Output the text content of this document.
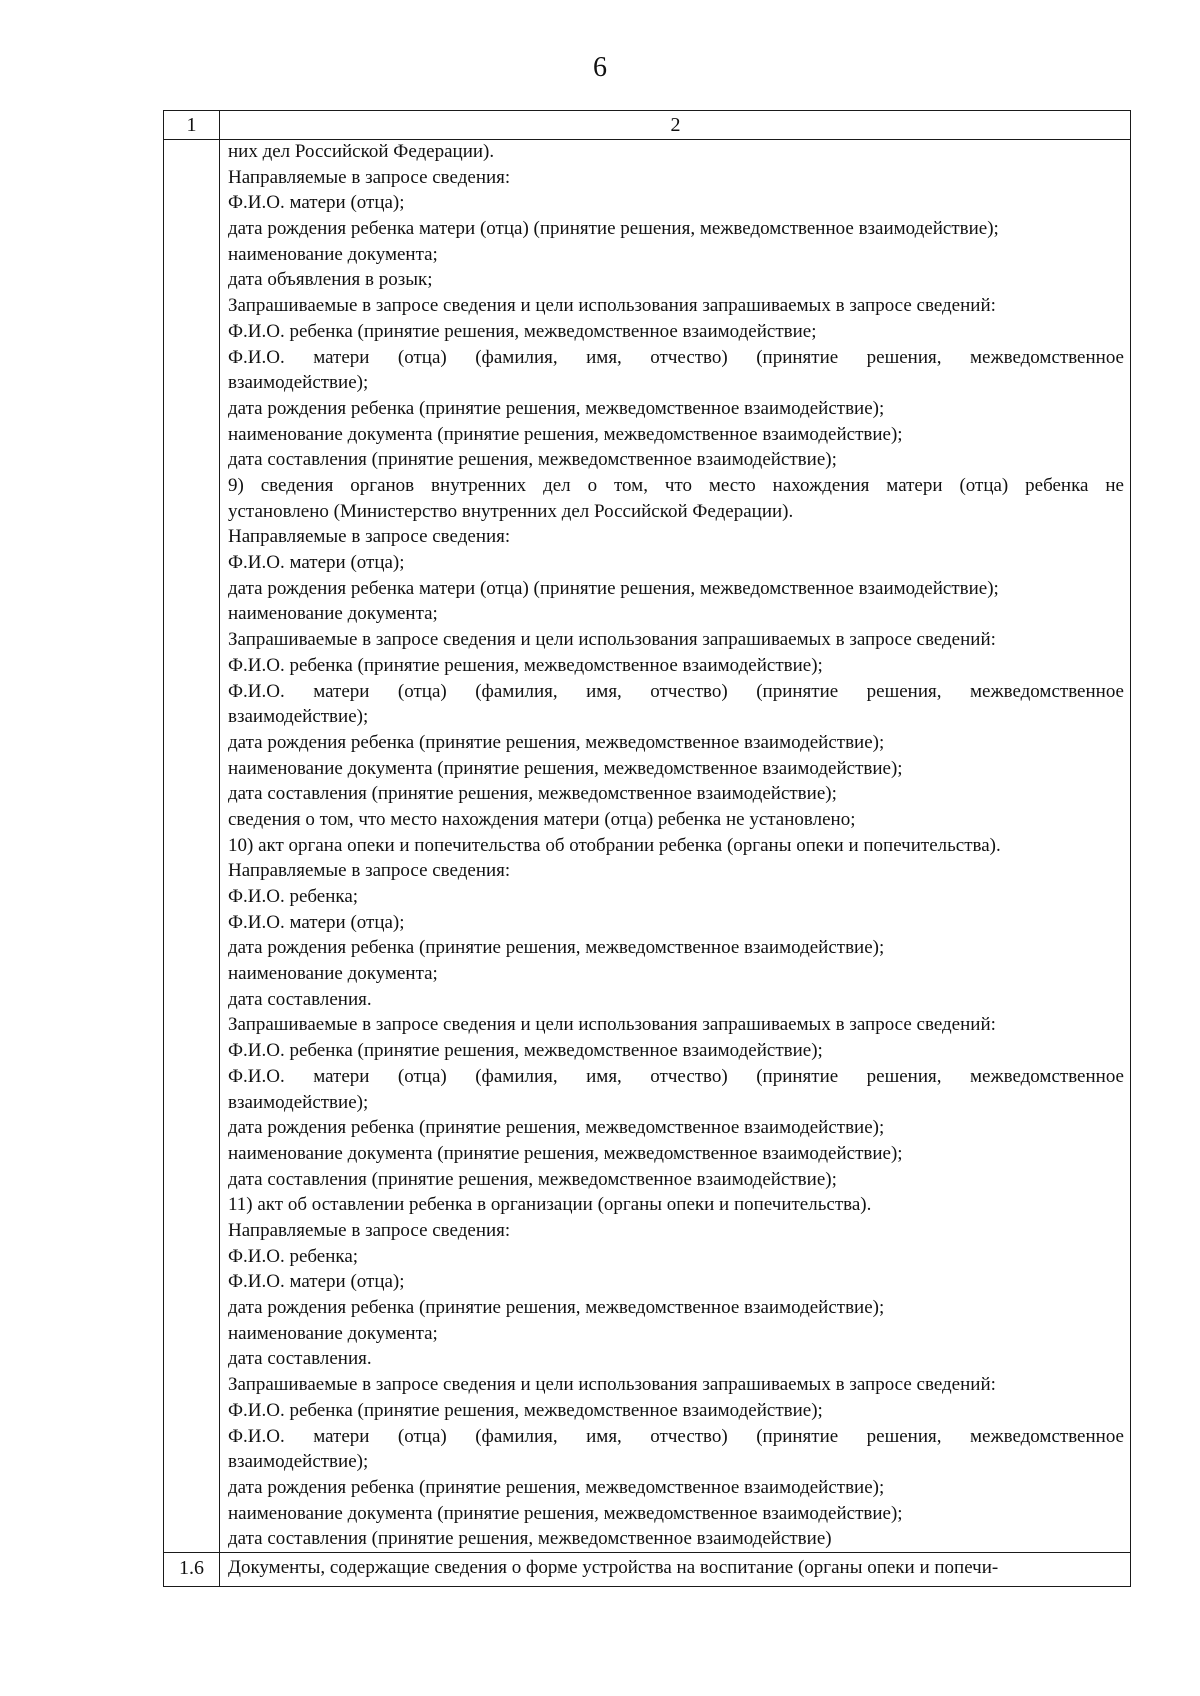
6
1	2
них дел Российской Федерации).
Направляемые в запросе сведения:
Ф.И.О. матери (отца);
дата рождения ребенка матери (отца) (принятие решения, межведомственное взаимодействие);
наименование документа;
дата объявления в розык;
Запрашиваемые в запросе сведения и цели использования запрашиваемых в запросе сведений:
Ф.И.О. ребенка (принятие решения, межведомственное взаимодействие;
Ф.И.О. матери (отца) (фамилия, имя, отчество) (принятие решения, межведомственное
взаимодействие);
дата рождения ребенка (принятие решения, межведомственное взаимодействие);
наименование документа (принятие решения, межведомственное взаимодействие);
дата составления (принятие решения, межведомственное взаимодействие);
9) сведения органов внутренних дел о том, что место нахождения матери (отца) ребенка не
установлено (Министерство внутренних дел Российской Федерации).
Направляемые в запросе сведения:
Ф.И.О. матери (отца);
дата рождения ребенка матери (отца) (принятие решения, межведомственное взаимодействие);
наименование документа;
Запрашиваемые в запросе сведения и цели использования запрашиваемых в запросе сведений:
Ф.И.О. ребенка (принятие решения, межведомственное взаимодействие);
Ф.И.О. матери (отца) (фамилия, имя, отчество) (принятие решения, межведомственное
взаимодействие);
дата рождения ребенка (принятие решения, межведомственное взаимодействие);
наименование документа (принятие решения, межведомственное взаимодействие);
дата составления (принятие решения, межведомственное взаимодействие);
сведения о том, что место нахождения матери (отца) ребенка не установлено;
10) акт органа опеки и попечительства об отобрании ребенка (органы опеки и попечительства).
Направляемые в запросе сведения:
Ф.И.О. ребенка;
Ф.И.О. матери (отца);
дата рождения ребенка (принятие решения, межведомственное взаимодействие);
наименование документа;
дата составления.
Запрашиваемые в запросе сведения и цели использования запрашиваемых в запросе сведений:
Ф.И.О. ребенка (принятие решения, межведомственное взаимодействие);
Ф.И.О. матери (отца) (фамилия, имя, отчество) (принятие решения, межведомственное
взаимодействие);
дата рождения ребенка (принятие решения, межведомственное взаимодействие);
наименование документа (принятие решения, межведомственное взаимодействие);
дата составления (принятие решения, межведомственное взаимодействие);
11) акт об оставлении ребенка в организации (органы опеки и попечительства).
Направляемые в запросе сведения:
Ф.И.О. ребенка;
Ф.И.О. матери (отца);
дата рождения ребенка (принятие решения, межведомственное взаимодействие);
наименование документа;
дата составления.
Запрашиваемые в запросе сведения и цели использования запрашиваемых в запросе сведений:
Ф.И.О. ребенка (принятие решения, межведомственное взаимодействие);
Ф.И.О. матери (отца) (фамилия, имя, отчество) (принятие решения, межведомственное
взаимодействие);
дата рождения ребенка (принятие решения, межведомственное взаимодействие);
наименование документа (принятие решения, межведомственное взаимодействие);
дата составления (принятие решения, межведомственное взаимодействие)
1.6	Документы, содержащие сведения о форме устройства на воспитание (органы опеки и попечи-
